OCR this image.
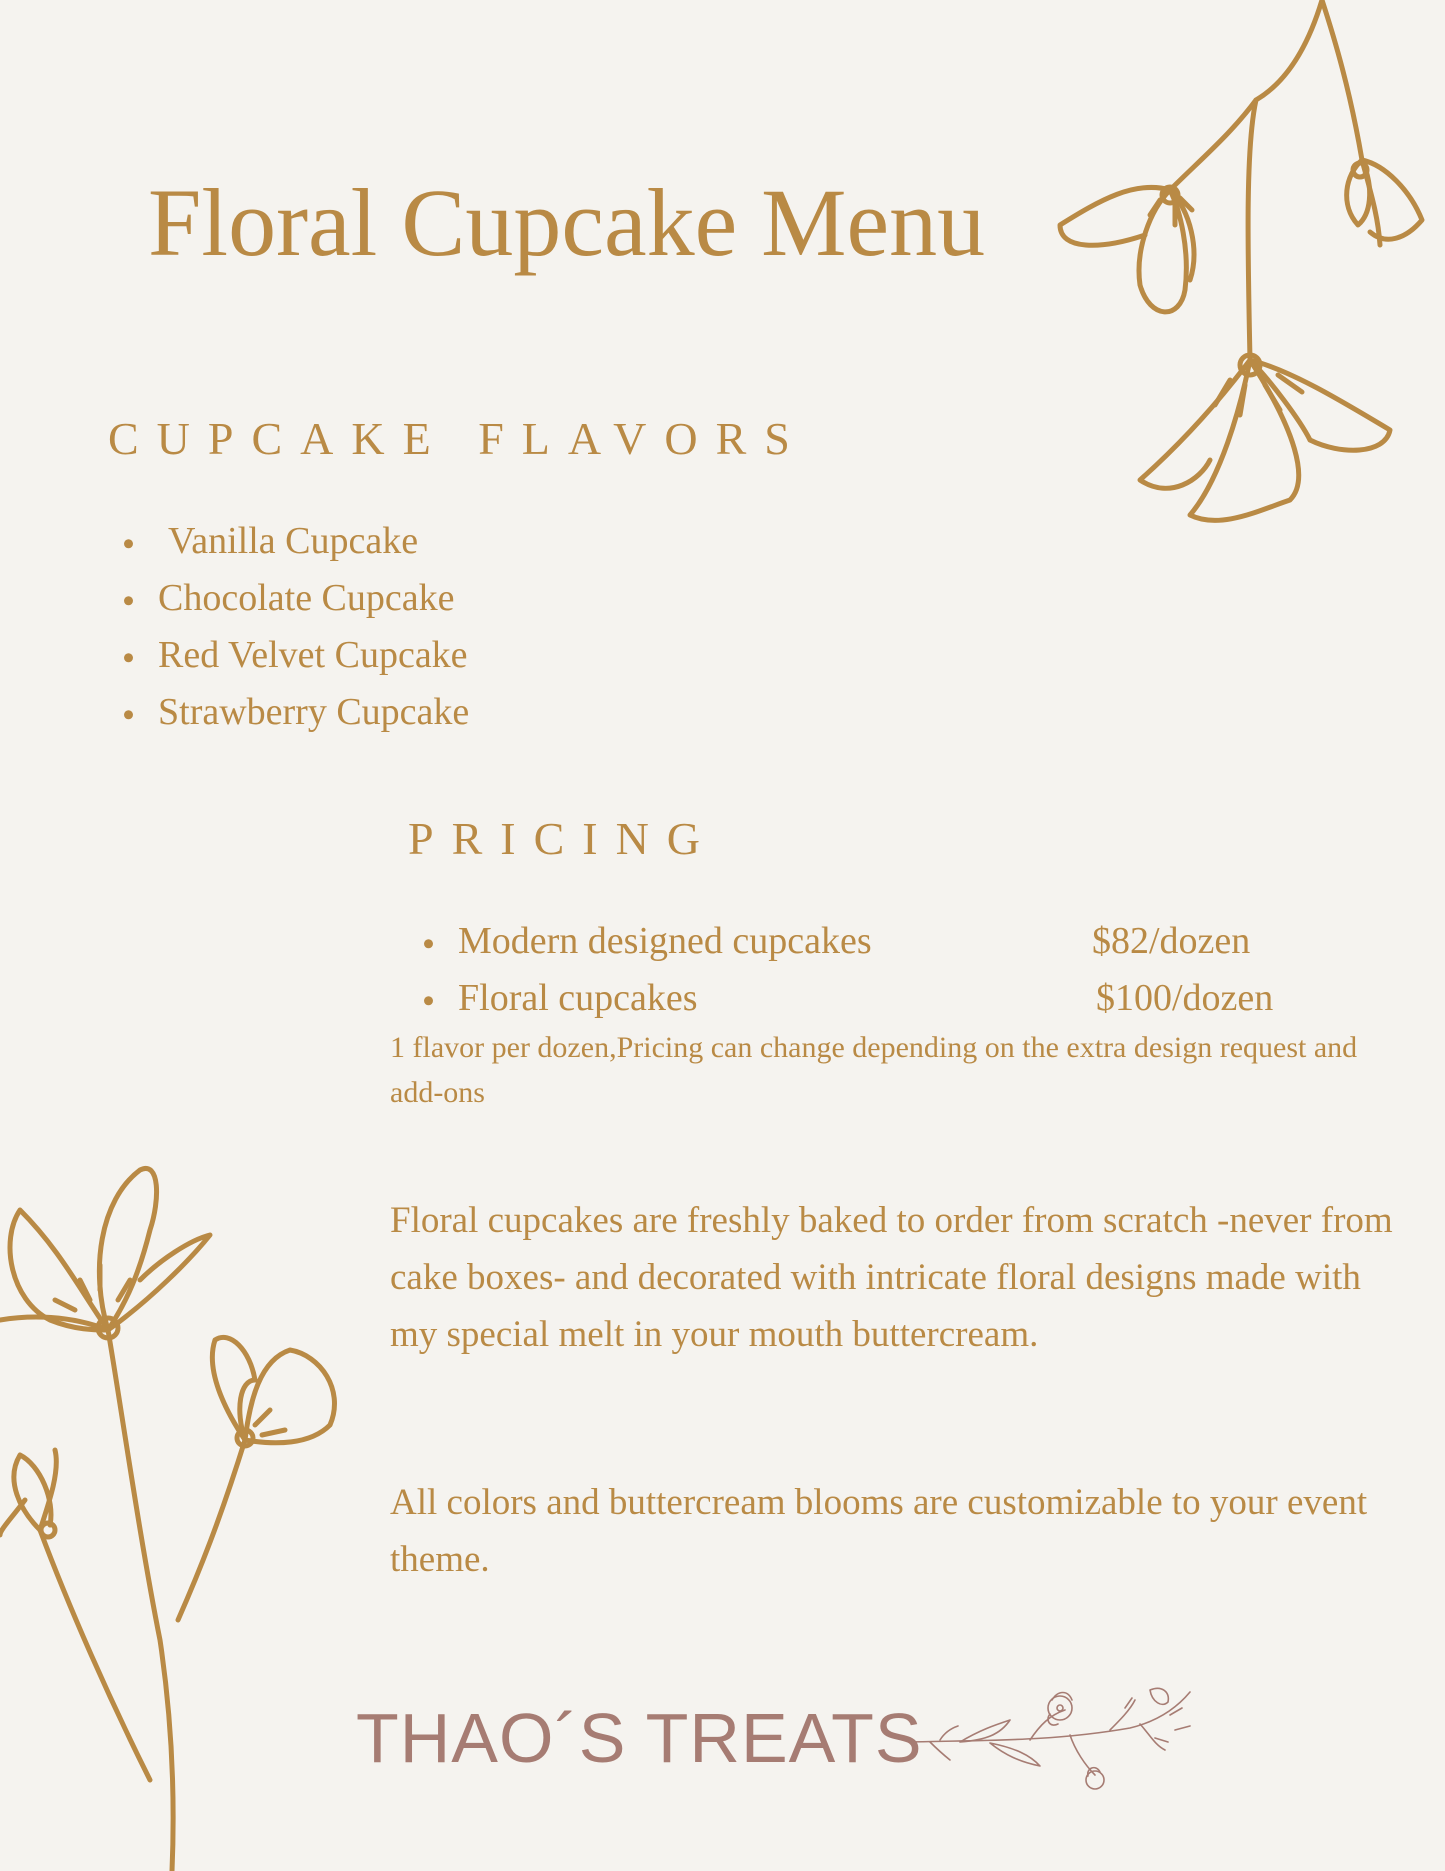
Floral Cupcake Menu
CUPCAKE FLAVORS
Vanilla Cupcake
Chocolate Cupcake
Red Velvet Cupcake
Strawberry Cupcake
PRICING
Modern designed cupcakes	$82/dozen
Floral cupcakes	$100/dozen
1 flavor per dozen,Pricing can change depending on the extra design request and add-ons
Floral cupcakes are freshly baked to order from scratch -never from cake boxes- and decorated with intricate floral designs made with my special melt in your mouth buttercream.
All colors and buttercream blooms are customizable to your event theme.
THAO´S TREATS
